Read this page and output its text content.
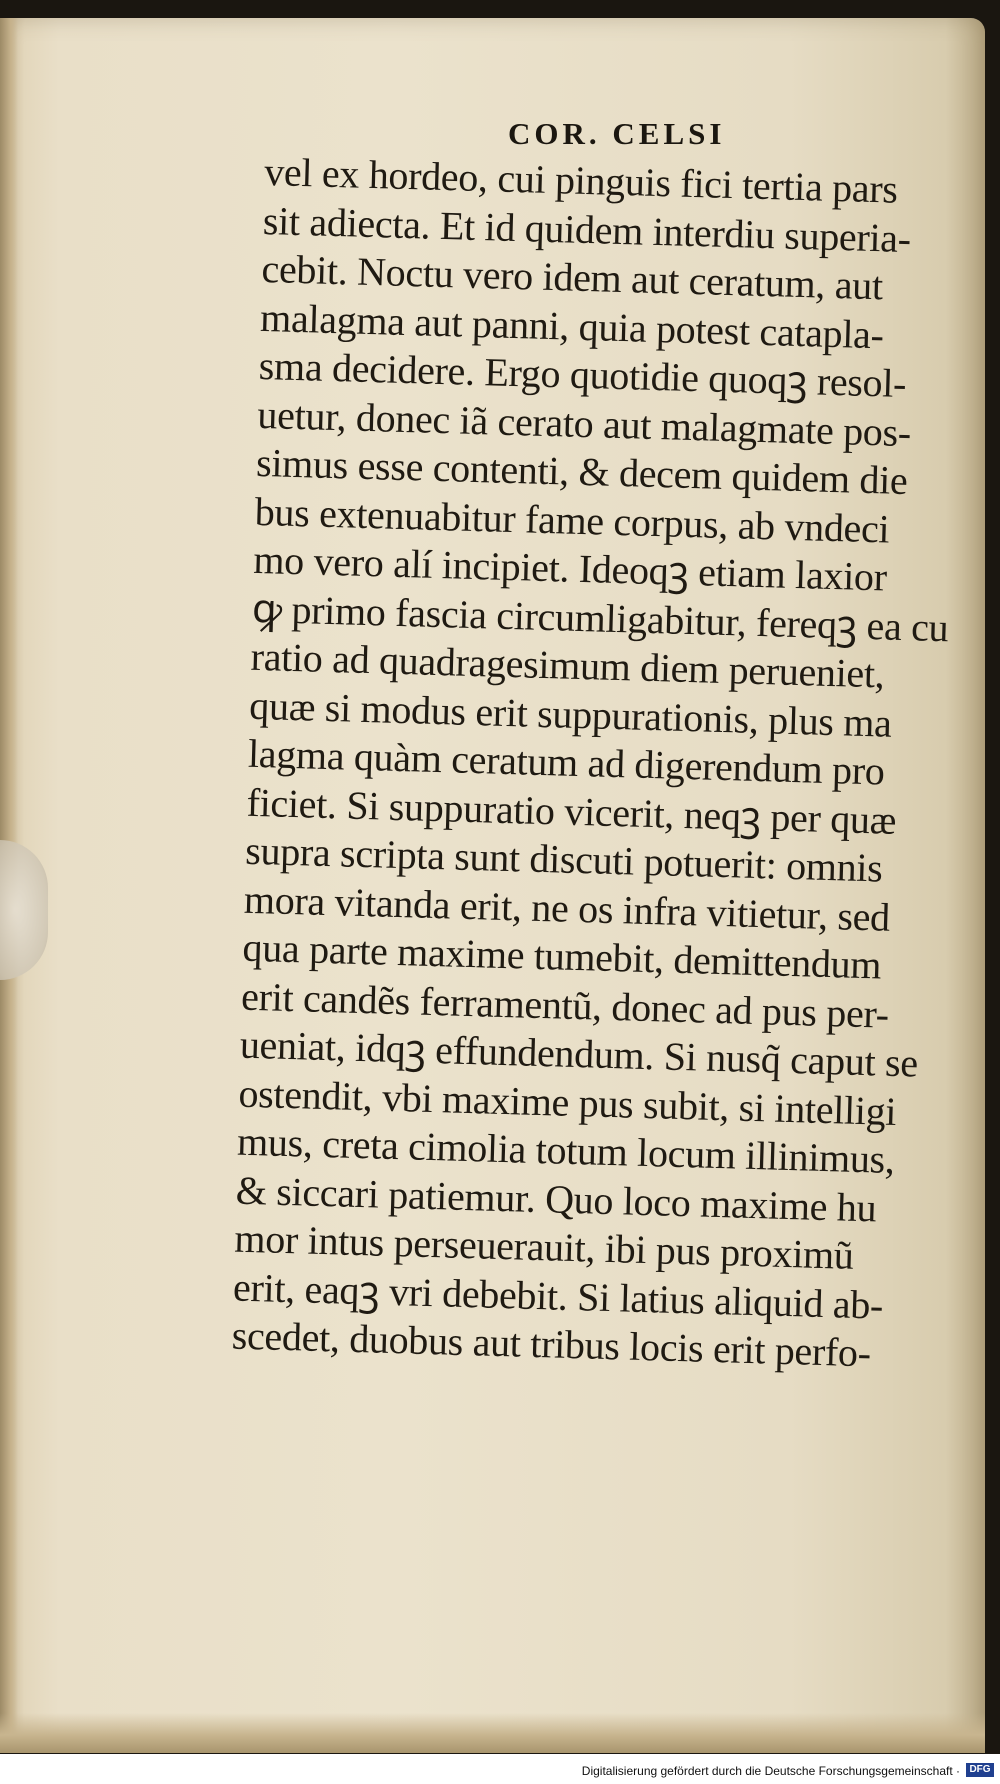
COR. CELSI
vel ex hordeo, cui pinguis fici tertia pars
sit adiecta. Et id quidem interdiu superia-
cebit. Noctu vero idem aut ceratum, aut
malagma aut panni, quia potest catapla-
sma decidere. Ergo quotidie quoqꝫ resol-
uetur, donec iã cerato aut malagmate pos-
simus esse contenti, & decem quidem die
bus extenuabitur fame corpus, ab vndeci
mo vero alí incipiet. Ideoqꝫ etiam laxior
ꝙ primo fascia circumligabitur, fereqꝫ ea cu
ratio ad quadragesimum diem perueniet,
quæ si modus erit suppurationis, plus ma
lagma quàm ceratum ad digerendum pro
ficiet. Si suppuratio vicerit, neqꝫ per quæ
supra scripta sunt discuti potuerit: omnis
mora vitanda erit, ne os infra vitietur, sed
qua parte maxime tumebit, demittendum
erit candẽs ferramentũ, donec ad pus per-
ueniat, idqꝫ effundendum. Si nusq̃ caput se
ostendit, vbi maxime pus subit, si intelligi
mus, creta cimolia totum locum illinimus,
& siccari patiemur. Quo loco maxime hu
mor intus perseuerauit, ibi pus proximũ
erit, eaqꝫ vri debebit. Si latius aliquid ab-
scedet, duobus aut tribus locis erit perfo-
Digitalisierung gefördert durch die Deutsche Forschungsgemeinschaft · DFG
